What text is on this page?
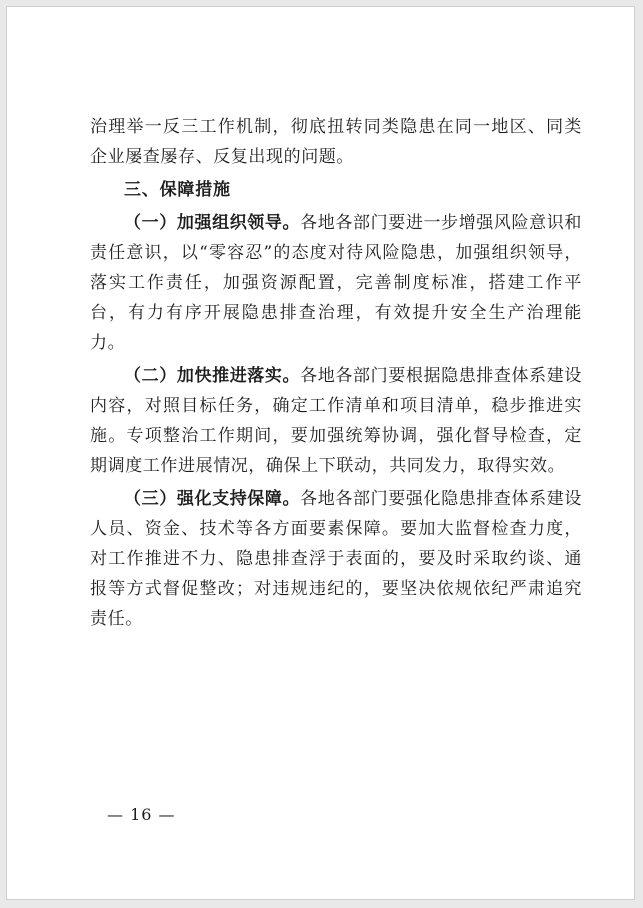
治理举一反三工作机制，彻底扭转同类隐患在同一地区、同类企业屡查屡存、反复出现的问题。

三、保障措施

（一）加强组织领导。各地各部门要进一步增强风险意识和责任意识，以“零容忍”的态度对待风险隐患，加强组织领导，落实工作责任，加强资源配置，完善制度标准，搭建工作平台，有力有序开展隐患排查治理，有效提升安全生产治理能力。

（二）加快推进落实。各地各部门要根据隐患排查体系建设内容，对照目标任务，确定工作清单和项目清单，稳步推进实施。专项整治工作期间，要加强统筹协调，强化督导检查，定期调度工作进展情况，确保上下联动，共同发力，取得实效。

（三）强化支持保障。各地各部门要强化隐患排查体系建设人员、资金、技术等各方面要素保障。要加大监督检查力度，对工作推进不力、隐患排查浮于表面的，要及时采取约谈、通报等方式督促整改；对违规违纪的，要坚决依规依纪严肃追究责任。

— 16 —
